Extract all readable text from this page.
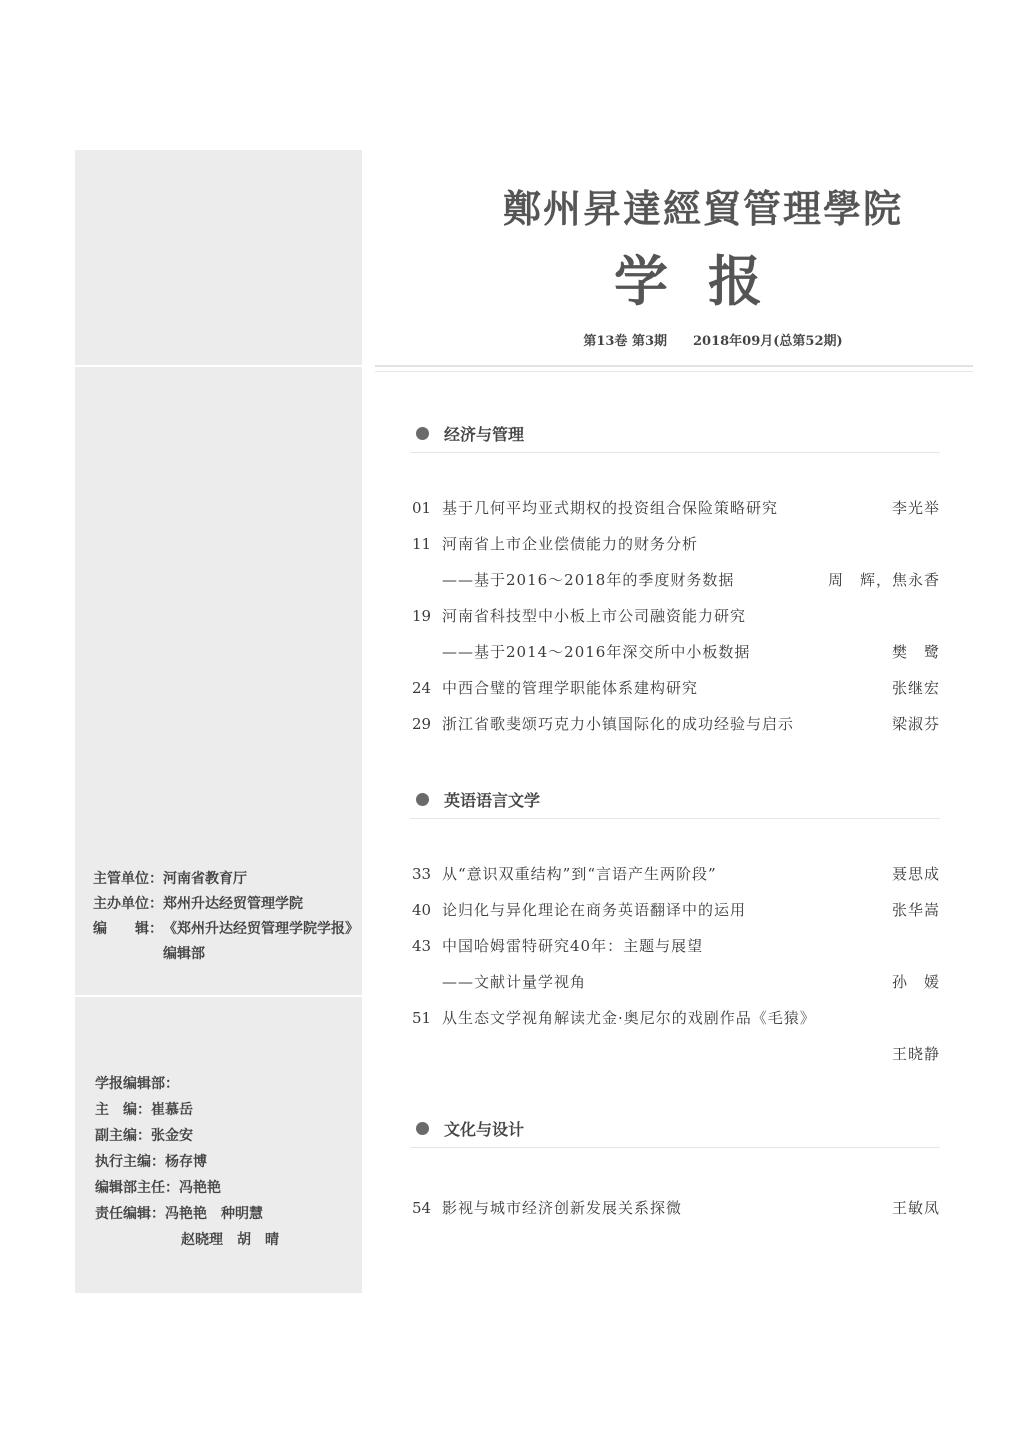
主管单位： 河南省教育厅
主办单位： 郑州升达经贸管理学院
编　　辑： 《郑州升达经贸管理学院学报》编辑部
学报编辑部：
主　编：崔慕岳
副主编：张金安
执行主编：杨存博
编辑部主任：冯艳艳
责任编辑：冯艳艳　种明慧
赵晓理　胡　晴
鄭州昇達經貿管理學院
学报
第13卷 第3期 2018年09月(总第52期)
经济与管理
01 基于几何平均亚式期权的投资组合保险策略研究	李光举
11 河南省上市企业偿债能力的财务分析
——基于2016～2018年的季度财务数据	周　辉，焦永香
19 河南省科技型中小板上市公司融资能力研究
——基于2014～2016年深交所中小板数据	樊　鹭
24 中西合璧的管理学职能体系建构研究	张继宏
29 浙江省歌斐颂巧克力小镇国际化的成功经验与启示	梁淑芬
英语语言文学
33 从“意识双重结构”到“言语产生两阶段”	聂思成
40 论归化与异化理论在商务英语翻译中的运用	张华嵩
43 中国哈姆雷特研究40年：主题与展望
——文献计量学视角	孙　媛
51 从生态文学视角解读尤金·奥尼尔的戏剧作品《毛猿》
王晓静
文化与设计
54 影视与城市经济创新发展关系探微	王敏凤
